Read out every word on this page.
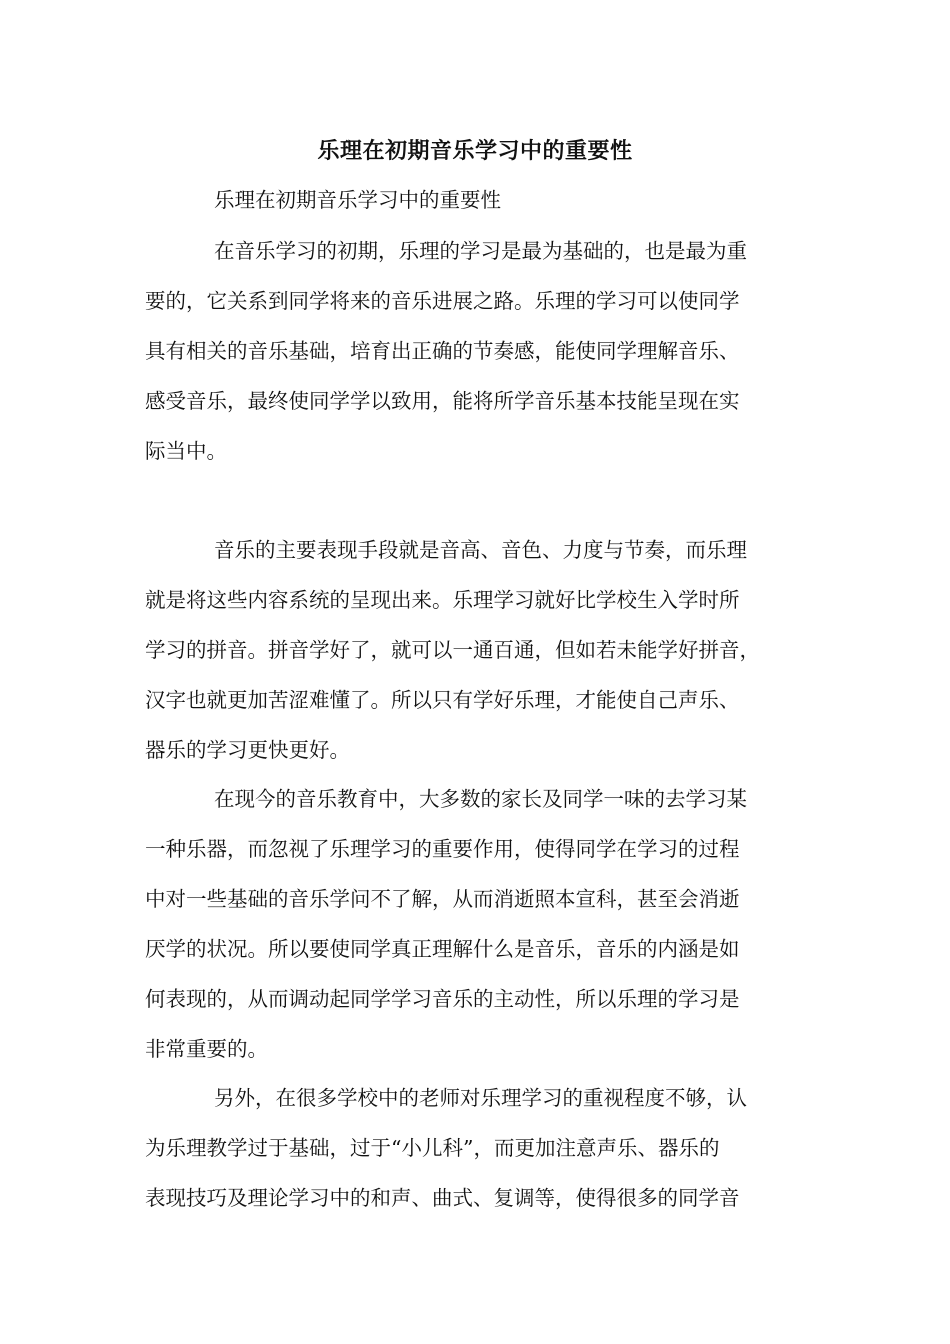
乐理在初期音乐学习中的重要性
乐理在初期音乐学习中的重要性
在音乐学习的初期，乐理的学习是最为基础的，也是最为重
要的，它关系到同学将来的音乐进展之路。乐理的学习可以使同学
具有相关的音乐基础，培育出正确的节奏感，能使同学理解音乐、
感受音乐，最终使同学学以致用，能将所学音乐基本技能呈现在实
际当中。
音乐的主要表现手段就是音高、音色、力度与节奏，而乐理
就是将这些内容系统的呈现出来。乐理学习就好比学校生入学时所
学习的拼音。拼音学好了，就可以一通百通，但如若未能学好拼音，
汉字也就更加苦涩难懂了。所以只有学好乐理，才能使自己声乐、
器乐的学习更快更好。
在现今的音乐教育中，大多数的家长及同学一味的去学习某
一种乐器，而忽视了乐理学习的重要作用，使得同学在学习的过程
中对一些基础的音乐学问不了解，从而消逝照本宣科，甚至会消逝
厌学的状况。所以要使同学真正理解什么是音乐，音乐的内涵是如
何表现的，从而调动起同学学习音乐的主动性，所以乐理的学习是
非常重要的。
另外，在很多学校中的老师对乐理学习的重视程度不够，认
为乐理教学过于基础，过于“小儿科”，而更加注意声乐、器乐的
表现技巧及理论学习中的和声、曲式、复调等，使得很多的同学音
